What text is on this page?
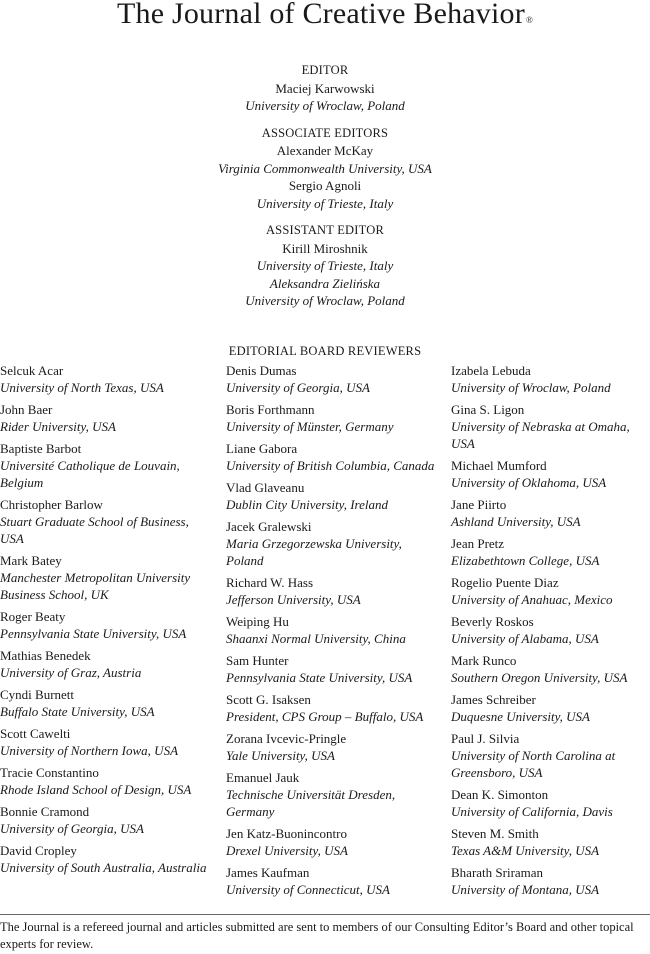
The Journal of Creative Behavior®
EDITOR
Maciej Karwowski
University of Wroclaw, Poland
ASSOCIATE EDITORS
Alexander McKay
Virginia Commonwealth University, USA
Sergio Agnoli
University of Trieste, Italy
ASSISTANT EDITOR
Kirill Miroshnik
University of Trieste, Italy
Aleksandra Zielińska
University of Wroclaw, Poland
EDITORIAL BOARD REVIEWERS
Selcuk Acar
University of North Texas, USA
John Baer
Rider University, USA
Baptiste Barbot
Université Catholique de Louvain, Belgium
Christopher Barlow
Stuart Graduate School of Business, USA
Mark Batey
Manchester Metropolitan University Business School, UK
Roger Beaty
Pennsylvania State University, USA
Mathias Benedek
University of Graz, Austria
Cyndi Burnett
Buffalo State University, USA
Scott Cawelti
University of Northern Iowa, USA
Tracie Constantino
Rhode Island School of Design, USA
Bonnie Cramond
University of Georgia, USA
David Cropley
University of South Australia, Australia
Denis Dumas
University of Georgia, USA
Boris Forthmann
University of Münster, Germany
Liane Gabora
University of British Columbia, Canada
Vlad Glaveanu
Dublin City University, Ireland
Jacek Gralewski
Maria Grzegorzewska University, Poland
Richard W. Hass
Jefferson University, USA
Weiping Hu
Shaanxi Normal University, China
Sam Hunter
Pennsylvania State University, USA
Scott G. Isaksen
President, CPS Group – Buffalo, USA
Zorana Ivcevic-Pringle
Yale University, USA
Emanuel Jauk
Technische Universität Dresden, Germany
Jen Katz-Buonincontro
Drexel University, USA
James Kaufman
University of Connecticut, USA
Izabela Lebuda
University of Wroclaw, Poland
Gina S. Ligon
University of Nebraska at Omaha, USA
Michael Mumford
University of Oklahoma, USA
Jane Piirto
Ashland University, USA
Jean Pretz
Elizabethtown College, USA
Rogelio Puente Diaz
University of Anahuac, Mexico
Beverly Roskos
University of Alabama, USA
Mark Runco
Southern Oregon University, USA
James Schreiber
Duquesne University, USA
Paul J. Silvia
University of North Carolina at Greensboro, USA
Dean K. Simonton
University of California, Davis
Steven M. Smith
Texas A&M University, USA
Bharath Sriraman
University of Montana, USA
The Journal is a refereed journal and articles submitted are sent to members of our Consulting Editor’s Board and other topical experts for review.
